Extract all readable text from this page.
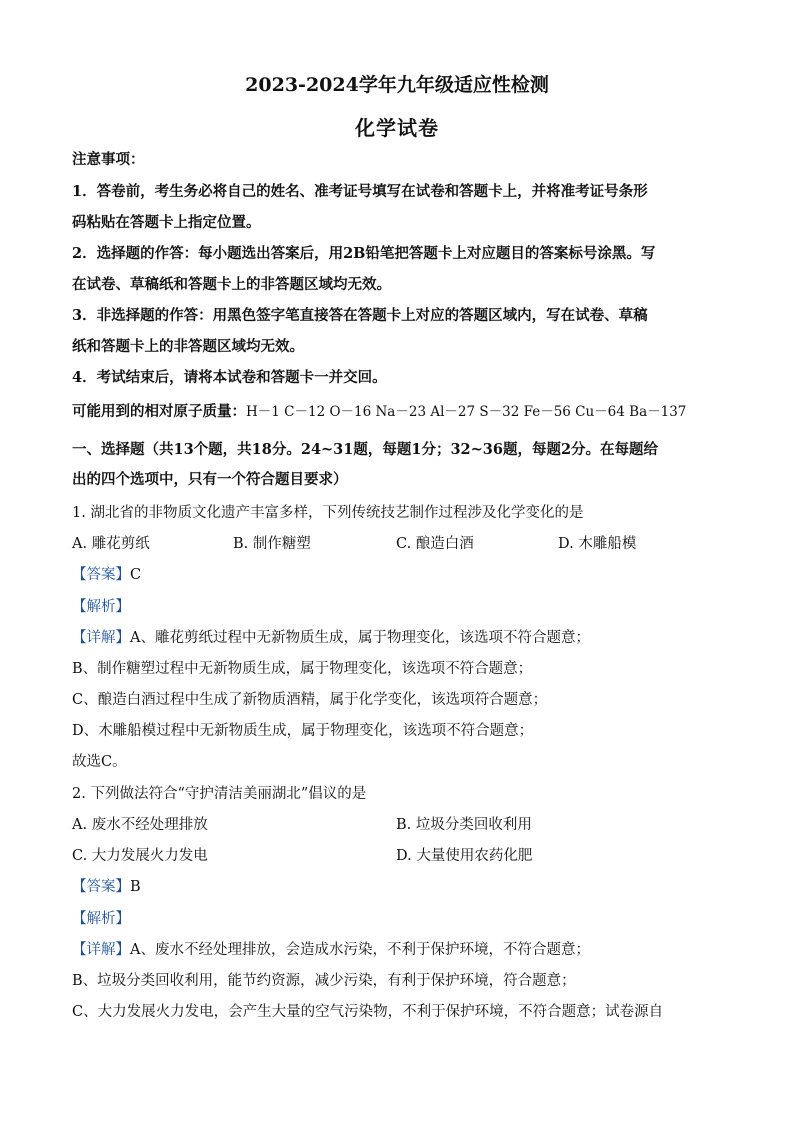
2023-2024学年九年级适应性检测
化学试卷
注意事项：
1．答卷前，考生务必将自己的姓名、准考证号填写在试卷和答题卡上，并将准考证号条形
码粘贴在答题卡上指定位置。
2．选择题的作答：每小题选出答案后，用2B铅笔把答题卡上对应题目的答案标号涂黑。写
在试卷、草稿纸和答题卡上的非答题区域均无效。
3．非选择题的作答：用黑色签字笔直接答在答题卡上对应的答题区域内，写在试卷、草稿
纸和答题卡上的非答题区域均无效。
4．考试结束后，请将本试卷和答题卡一并交回。
可能用到的相对原子质量：H－1 C－12 O－16 Na－23 Al－27 S－32 Fe－56 Cu－64 Ba－137
一、选择题（共13个题，共18分。24~31题，每题1分；32~36题，每题2分。在每题给
出的四个选项中，只有一个符合题目要求）
1. 湖北省的非物质文化遗产丰富多样，下列传统技艺制作过程涉及化学变化的是
A. 雕花剪纸	B. 制作糖塑	C. 酿造白酒	D. 木雕船模
【答案】C
【解析】
【详解】A、雕花剪纸过程中无新物质生成，属于物理变化，该选项不符合题意；
B、制作糖塑过程中无新物质生成，属于物理变化，该选项不符合题意；
C、酿造白酒过程中生成了新物质酒精，属于化学变化，该选项符合题意；
D、木雕船模过程中无新物质生成，属于物理变化，该选项不符合题意；
故选C。
2. 下列做法符合“守护清洁美丽湖北”倡议的是
A. 废水不经处理排放	B. 垃圾分类回收利用
C. 大力发展火力发电	D. 大量使用农药化肥
【答案】B
【解析】
【详解】A、废水不经处理排放，会造成水污染，不利于保护环境，不符合题意；
B、垃圾分类回收利用，能节约资源，减少污染，有利于保护环境，符合题意；
C、大力发展火力发电，会产生大量的空气污染物，不利于保护环境，不符合题意；试卷源自
